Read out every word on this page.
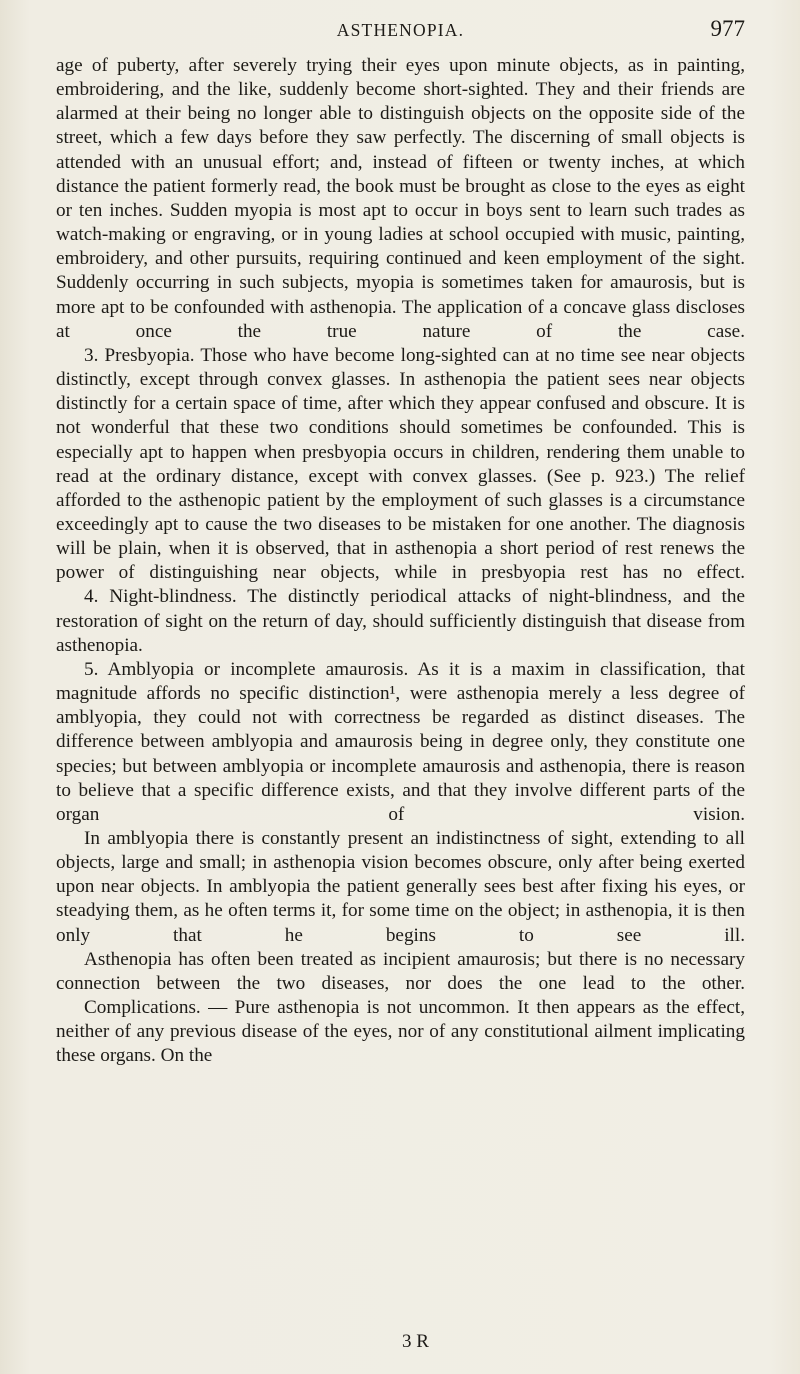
ASTHENOPIA.	977

age of puberty, after severely trying their eyes upon minute objects, as in painting, embroidering, and the like, suddenly become short-sighted. They and their friends are alarmed at their being no longer able to distinguish objects on the opposite side of the street, which a few days before they saw perfectly. The discerning of small objects is attended with an unusual effort; and, instead of fifteen or twenty inches, at which distance the patient formerly read, the book must be brought as close to the eyes as eight or ten inches. Sudden myopia is most apt to occur in boys sent to learn such trades as watch-making or engraving, or in young ladies at school occupied with music, painting, embroidery, and other pursuits, requiring continued and keen employment of the sight. Suddenly occurring in such subjects, myopia is sometimes taken for amaurosis, but is more apt to be confounded with asthenopia. The application of a concave glass discloses at once the true nature of the case.

3. Presbyopia. Those who have become long-sighted can at no time see near objects distinctly, except through convex glasses. In asthenopia the patient sees near objects distinctly for a certain space of time, after which they appear confused and obscure. It is not wonderful that these two conditions should sometimes be confounded. This is especially apt to happen when presbyopia occurs in children, rendering them unable to read at the ordinary distance, except with convex glasses. (See p. 923.) The relief afforded to the asthenopic patient by the employment of such glasses is a circumstance exceedingly apt to cause the two diseases to be mistaken for one another. The diagnosis will be plain, when it is observed, that in asthenopia a short period of rest renews the power of distinguishing near objects, while in presbyopia rest has no effect.

4. Night-blindness. The distinctly periodical attacks of night-blindness, and the restoration of sight on the return of day, should sufficiently distinguish that disease from asthenopia.

5. Amblyopia or incomplete amaurosis. As it is a maxim in classification, that magnitude affords no specific distinction¹, were asthenopia merely a less degree of amblyopia, they could not with correctness be regarded as distinct diseases. The difference between amblyopia and amaurosis being in degree only, they constitute one species; but between amblyopia or incomplete amaurosis and asthenopia, there is reason to believe that a specific difference exists, and that they involve different parts of the organ of vision.

In amblyopia there is constantly present an indistinctness of sight, extending to all objects, large and small; in asthenopia vision becomes obscure, only after being exerted upon near objects. In amblyopia the patient generally sees best after fixing his eyes, or steadying them, as he often terms it, for some time on the object; in asthenopia, it is then only that he begins to see ill.

Asthenopia has often been treated as incipient amaurosis; but there is no necessary connection between the two diseases, nor does the one lead to the other.

Complications. — Pure asthenopia is not uncommon. It then appears as the effect, neither of any previous disease of the eyes, nor of any constitutional ailment implicating these organs. On the

3 R
